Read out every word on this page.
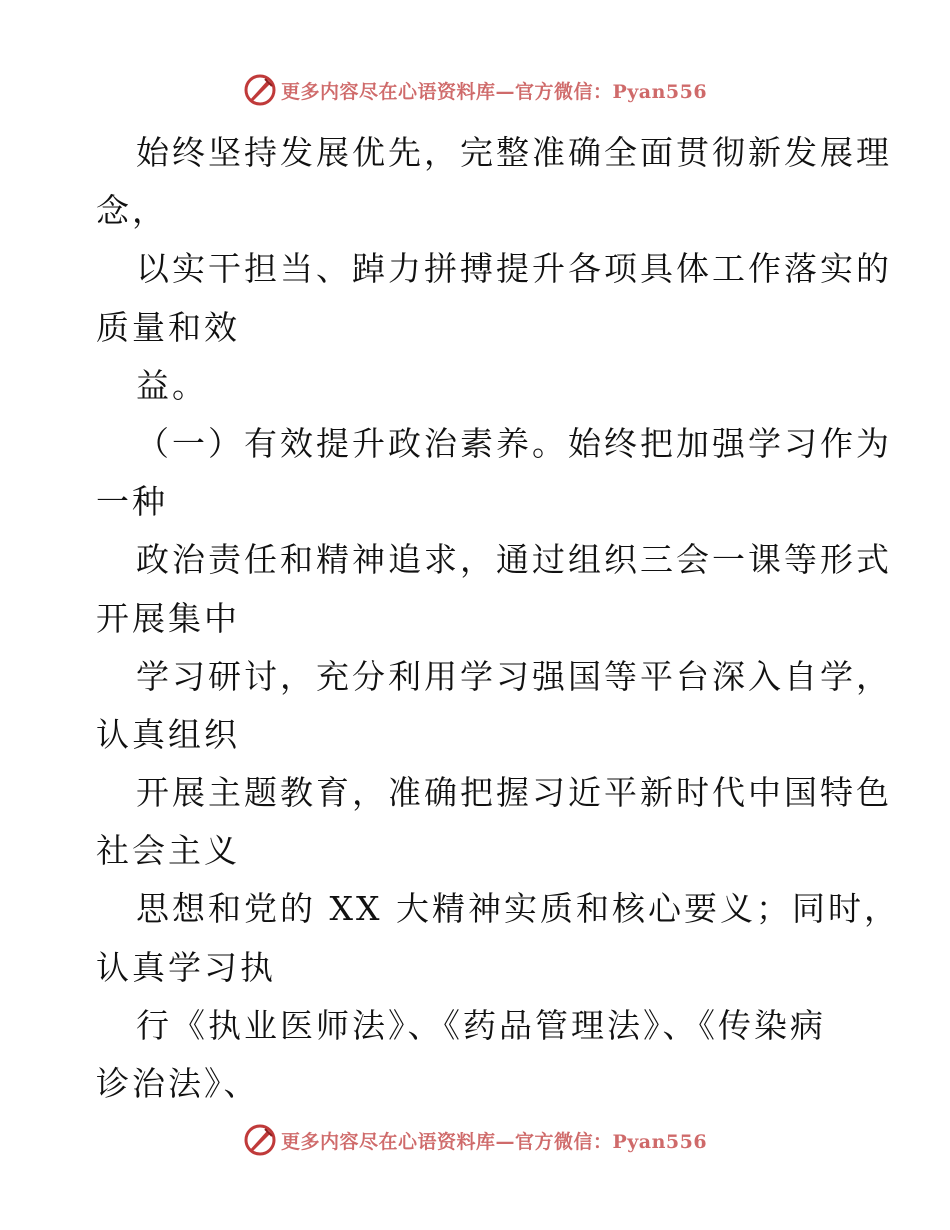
更多内容尽在心语资料库—官方微信：Pyan556
始终坚持发展优先，完整准确全面贯彻新发展理
念，
以实干担当、踔力拼搏提升各项具体工作落实的
质量和效
益。
（一）有效提升政治素养。始终把加强学习作为
一种
政治责任和精神追求，通过组织三会一课等形式
开展集中
学习研讨，充分利用学习强国等平台深入自学，
认真组织
开展主题教育，准确把握习近平新时代中国特色
社会主义
思想和党的 XX 大精神实质和核心要义；同时，
认真学习执
行《执业医师法》、《药品管理法》、《传染病
诊治法》、
更多内容尽在心语资料库—官方微信：Pyan556
